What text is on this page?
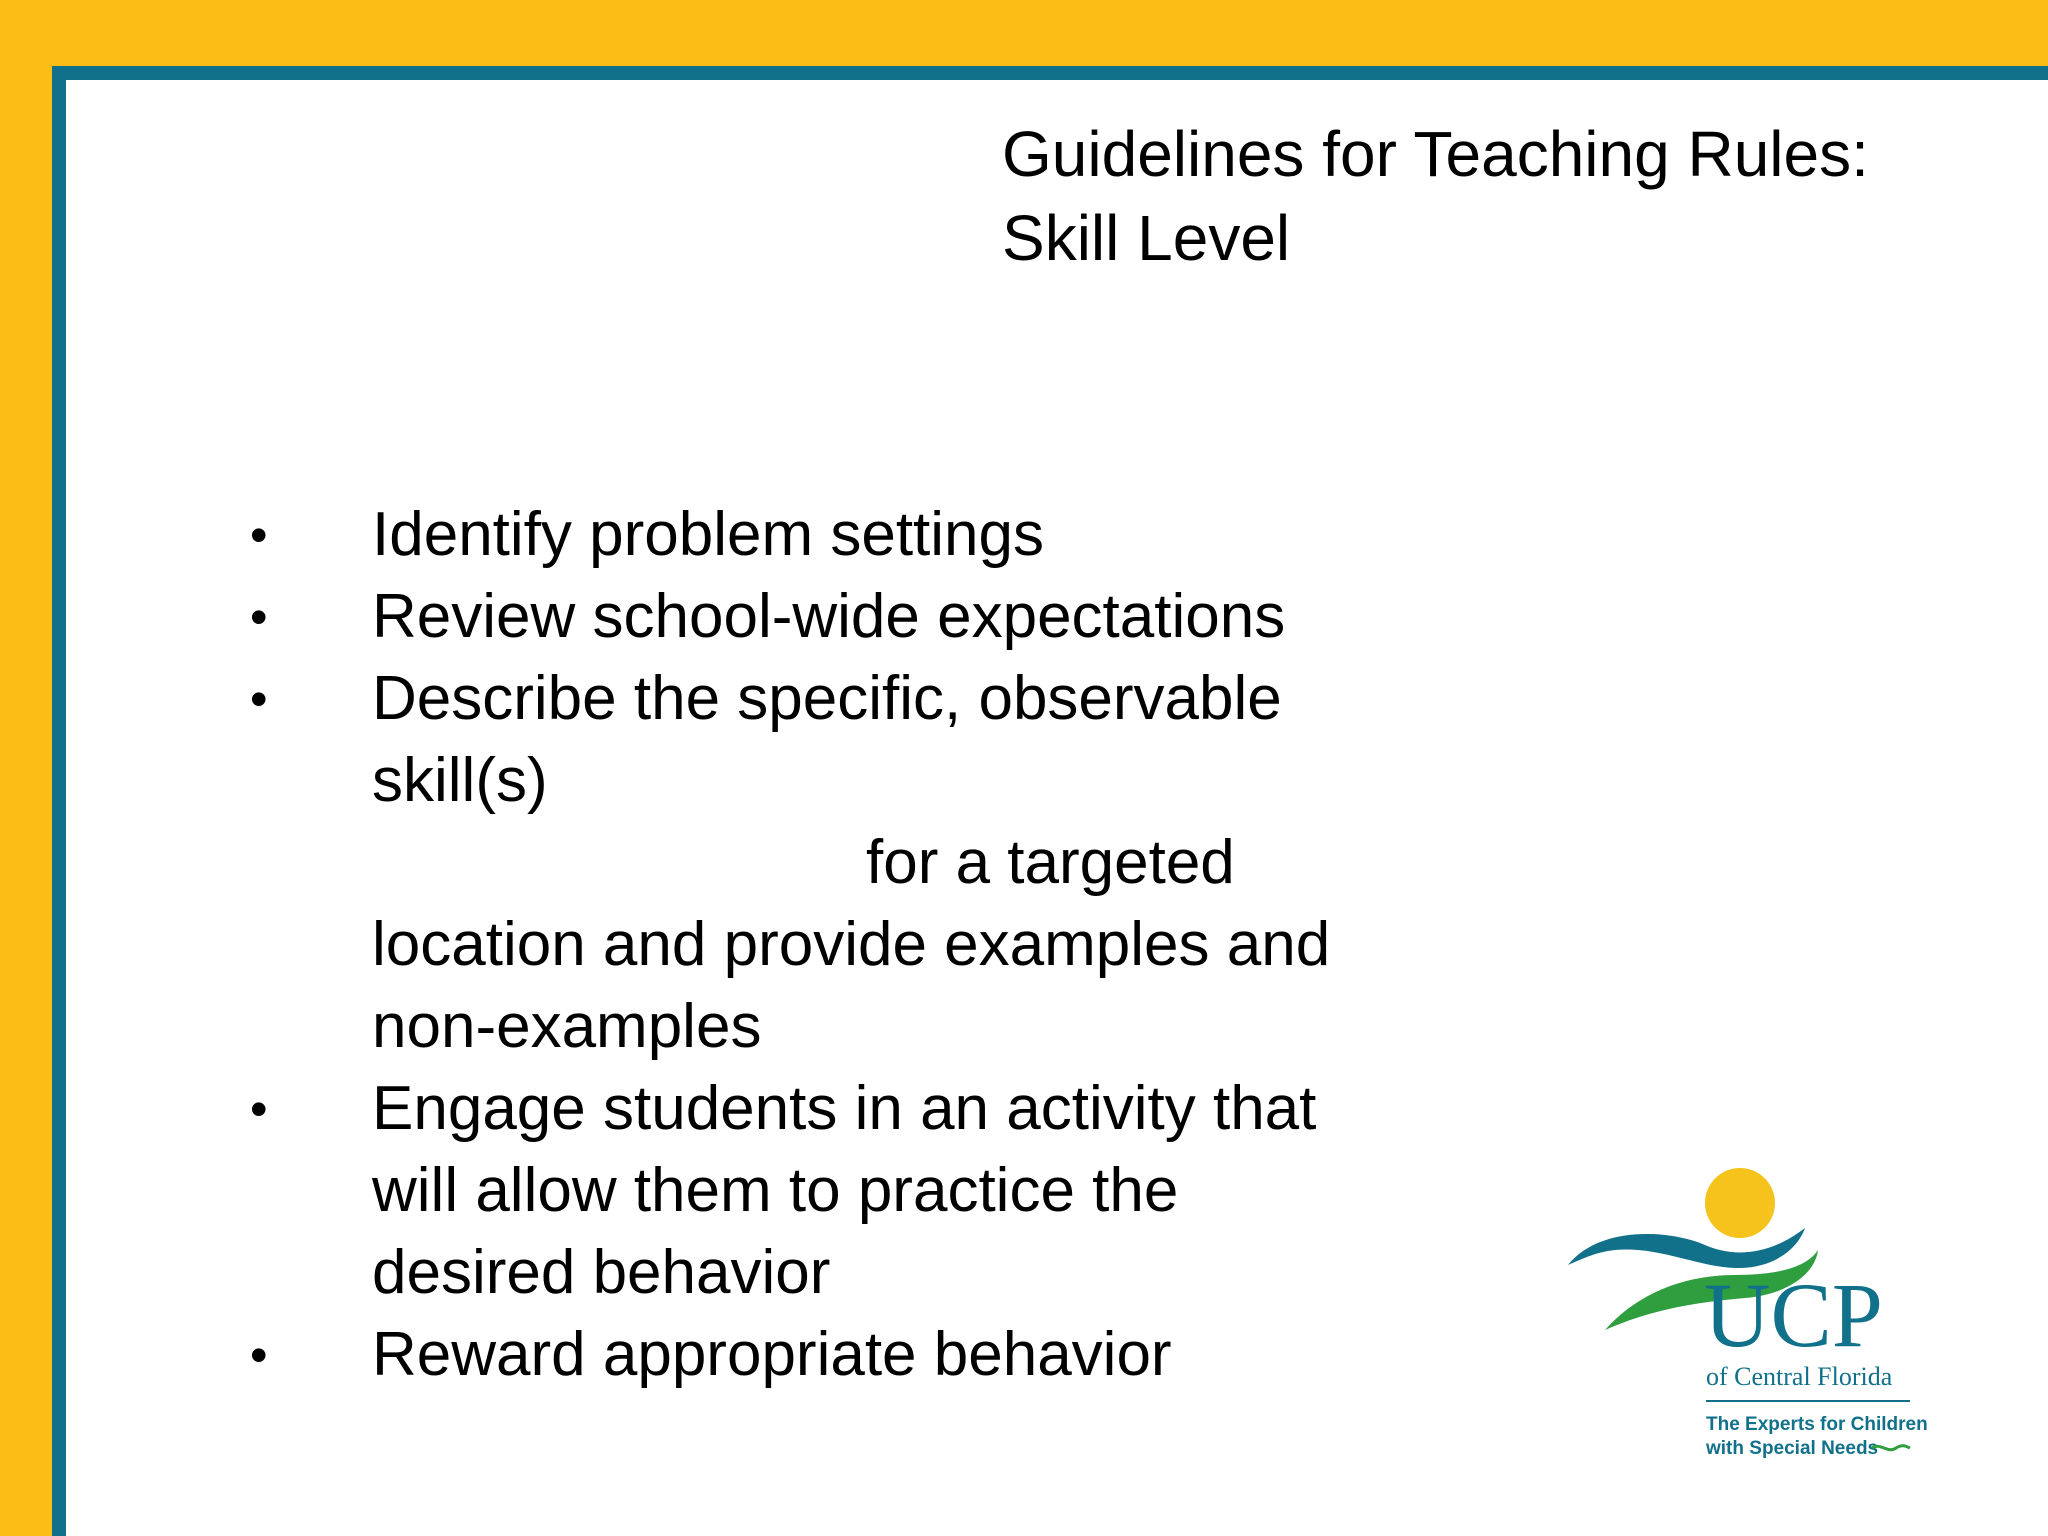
Guidelines for Teaching Rules:
Skill Level
• Identify problem settings
• Review school-wide expectations
• Describe the specific, observable
skill(s)
for a targeted
location and provide examples and
non-examples
• Engage students in an activity that
will allow them to practice the
desired behavior
• Reward appropriate behavior	UCP
of Central Florida
The Experts for Children
with Special Needs
